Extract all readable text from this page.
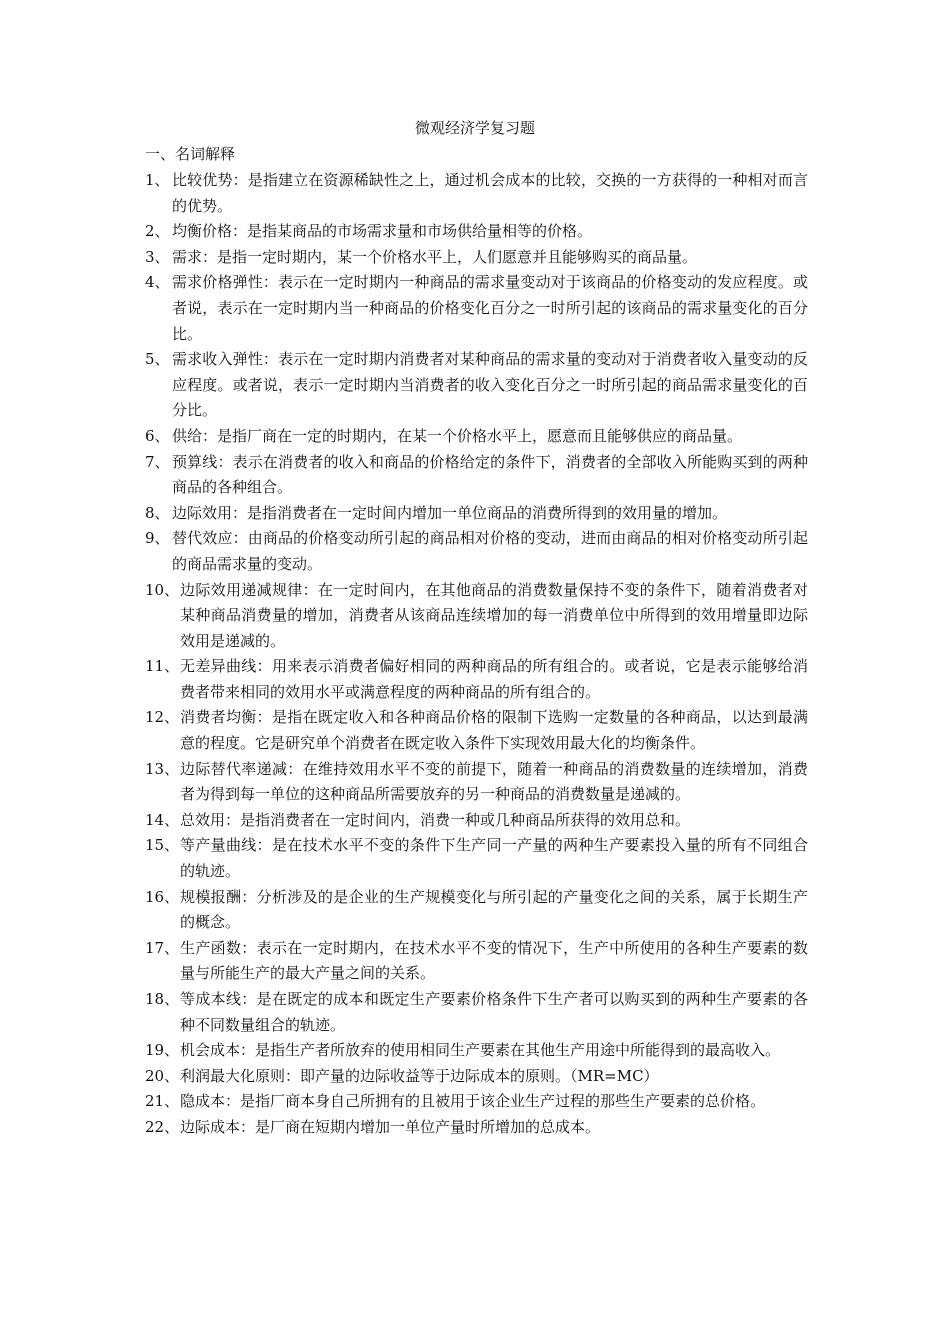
微观经济学复习题
一、名词解释
1、 比较优势：是指建立在资源稀缺性之上，通过机会成本的比较，交换的一方获得的一种相对而言的优势。
2、 均衡价格：是指某商品的市场需求量和市场供给量相等的价格。
3、 需求：是指一定时期内，某一个价格水平上，人们愿意并且能够购买的商品量。
4、 需求价格弹性：表示在一定时期内一种商品的需求量变动对于该商品的价格变动的发应程度。或者说，表示在一定时期内当一种商品的价格变化百分之一时所引起的该商品的需求量变化的百分比。
5、 需求收入弹性：表示在一定时期内消费者对某种商品的需求量的变动对于消费者收入量变动的反应程度。或者说，表示一定时期内当消费者的收入变化百分之一时所引起的商品需求量变化的百分比。
6、 供给：是指厂商在一定的时期内，在某一个价格水平上，愿意而且能够供应的商品量。
7、 预算线：表示在消费者的收入和商品的价格给定的条件下，消费者的全部收入所能购买到的两种商品的各种组合。
8、 边际效用：是指消费者在一定时间内增加一单位商品的消费所得到的效用量的增加。
9、 替代效应：由商品的价格变动所引起的商品相对价格的变动，进而由商品的相对价格变动所引起的商品需求量的变动。
10、 边际效用递减规律：在一定时间内，在其他商品的消费数量保持不变的条件下，随着消费者对某种商品消费量的增加，消费者从该商品连续增加的每一消费单位中所得到的效用增量即边际效用是递减的。
11、 无差异曲线：用来表示消费者偏好相同的两种商品的所有组合的。或者说，它是表示能够给消费者带来相同的效用水平或满意程度的两种商品的所有组合的。
12、 消费者均衡：是指在既定收入和各种商品价格的限制下选购一定数量的各种商品，以达到最满意的程度。它是研究单个消费者在既定收入条件下实现效用最大化的均衡条件。
13、 边际替代率递减：在维持效用水平不变的前提下，随着一种商品的消费数量的连续增加，消费者为得到每一单位的这种商品所需要放弃的另一种商品的消费数量是递减的。
14、 总效用：是指消费者在一定时间内，消费一种或几种商品所获得的效用总和。
15、 等产量曲线：是在技术水平不变的条件下生产同一产量的两种生产要素投入量的所有不同组合的轨迹。
16、 规模报酬：分析涉及的是企业的生产规模变化与所引起的产量变化之间的关系，属于长期生产的概念。
17、 生产函数：表示在一定时期内，在技术水平不变的情况下，生产中所使用的各种生产要素的数量与所能生产的最大产量之间的关系。
18、 等成本线：是在既定的成本和既定生产要素价格条件下生产者可以购买到的两种生产要素的各种不同数量组合的轨迹。
19、 机会成本：是指生产者所放弃的使用相同生产要素在其他生产用途中所能得到的最高收入。
20、 利润最大化原则：即产量的边际收益等于边际成本的原则。（MR=MC）
21、 隐成本：是指厂商本身自己所拥有的且被用于该企业生产过程的那些生产要素的总价格。
22、 边际成本：是厂商在短期内增加一单位产量时所增加的总成本。
